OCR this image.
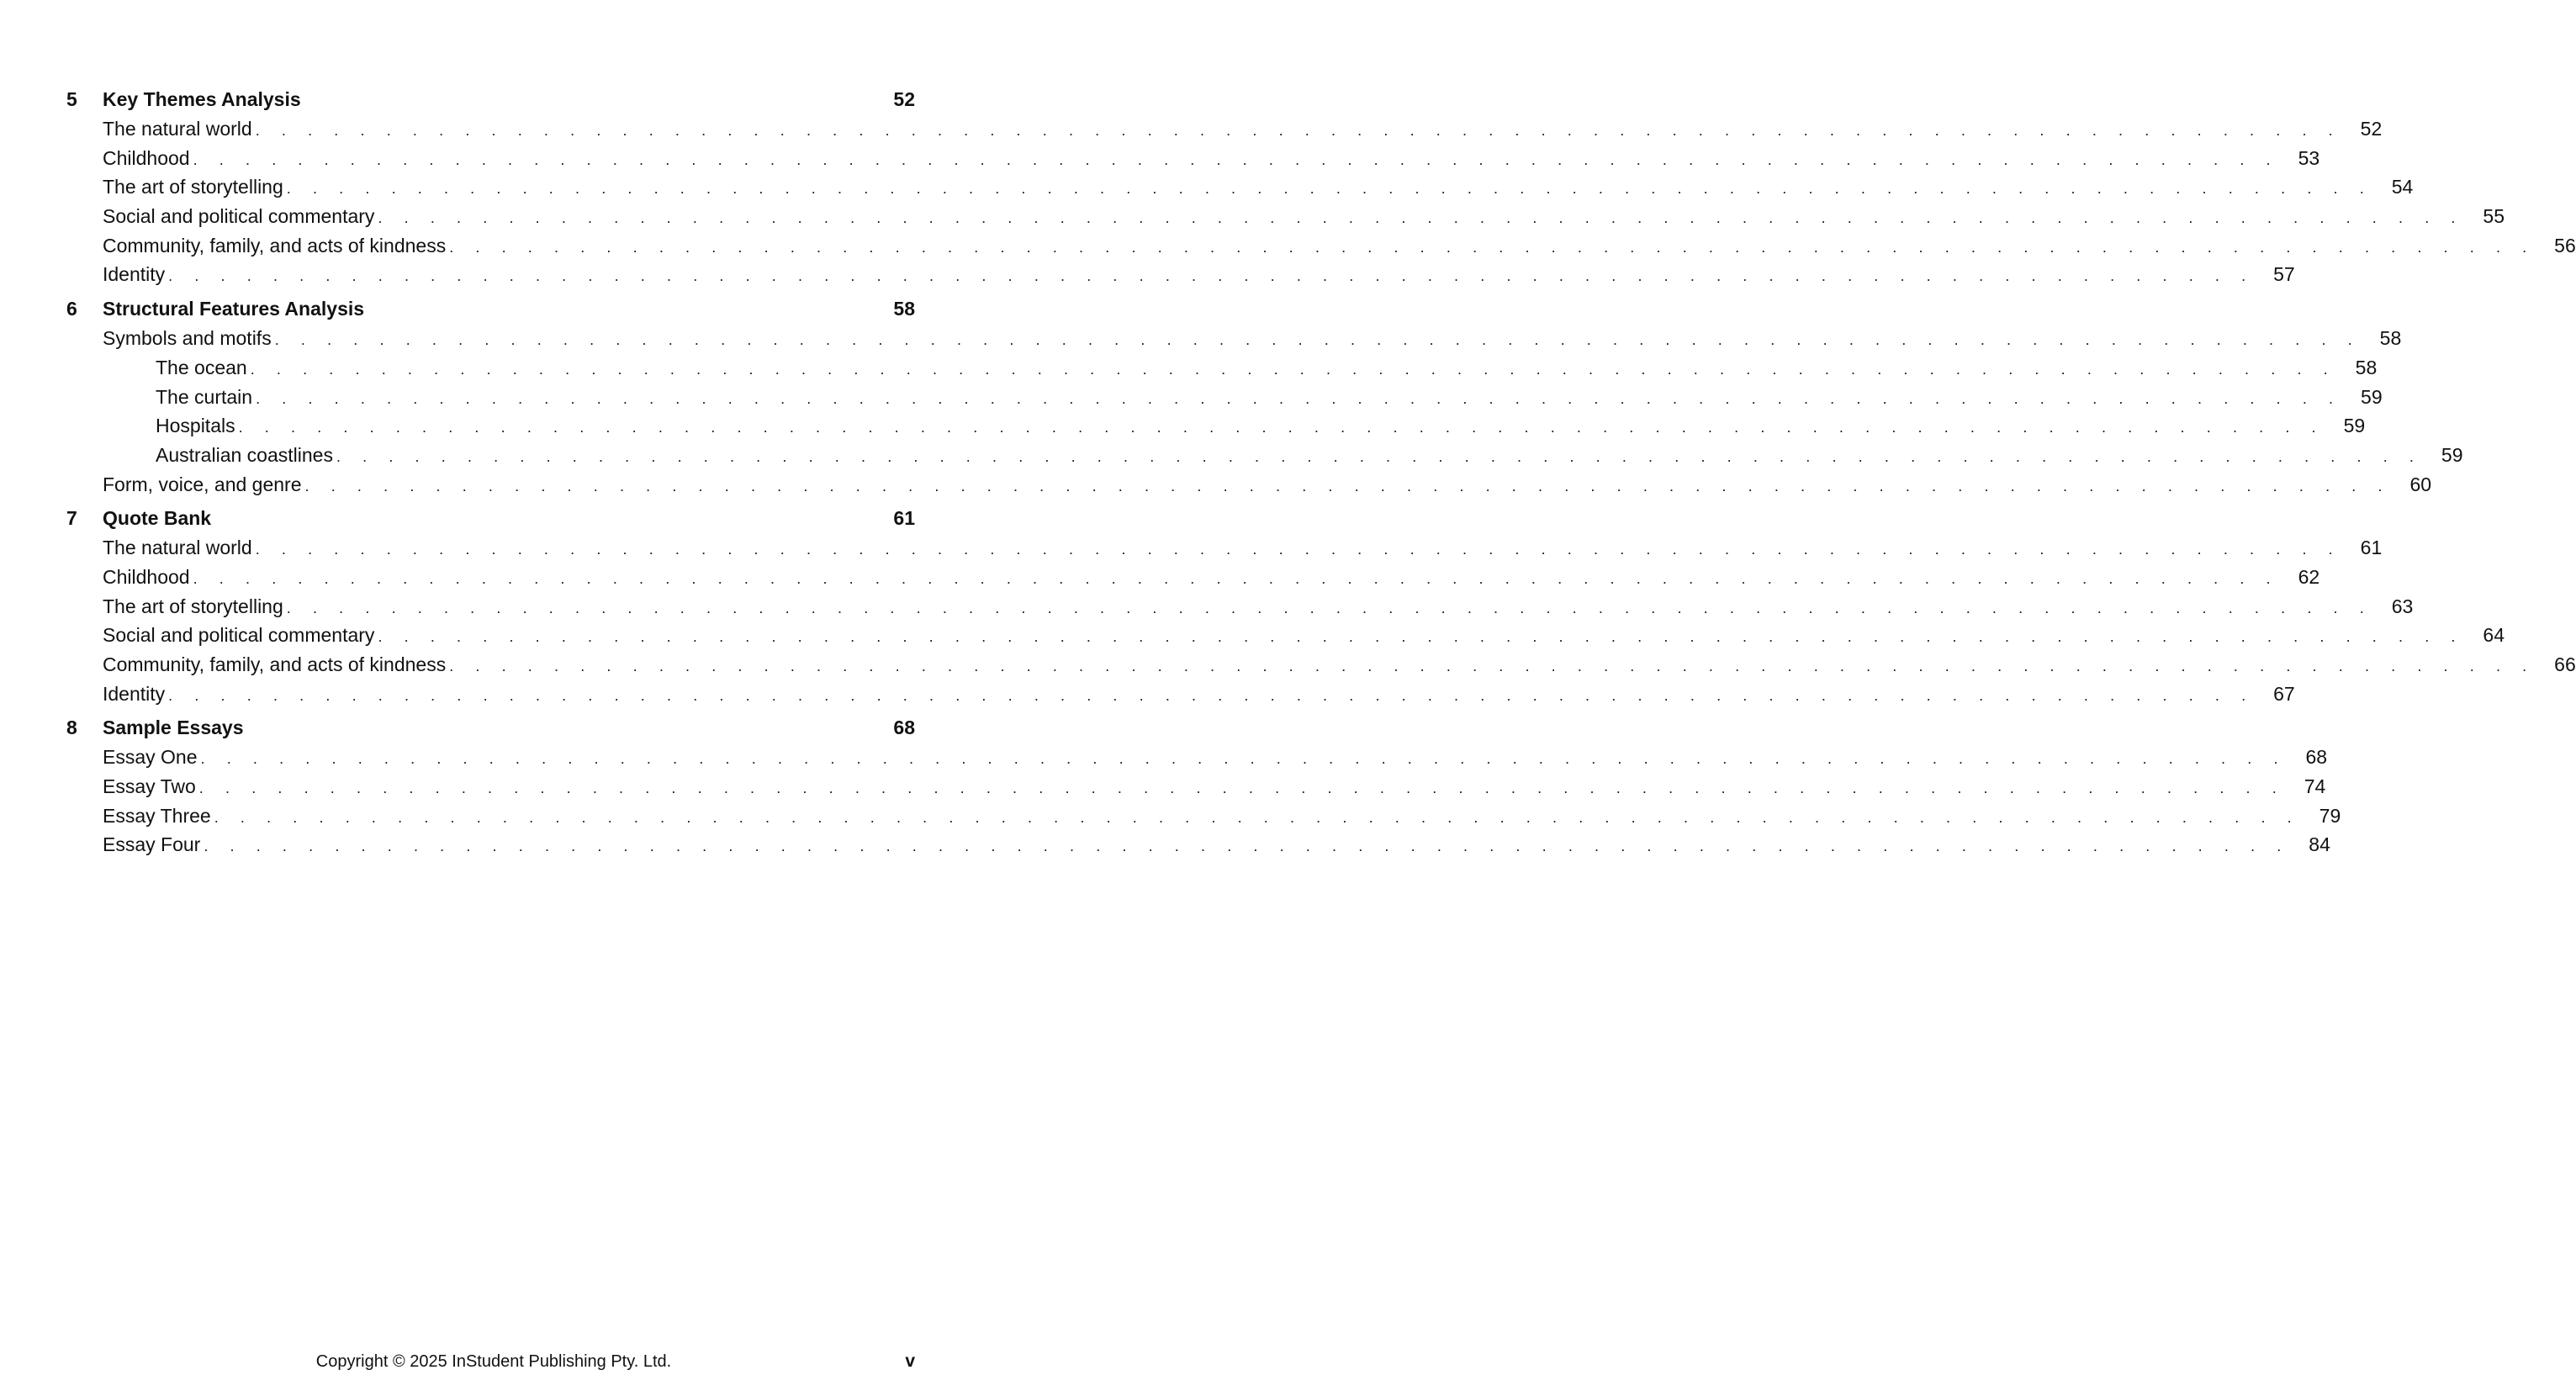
5 Key Themes Analysis	52
The natural world . . . . . . . . . . . . . . . . . . . . . . . . . . . . . . . . . . . . . . . . . . . . . . . . . . . . . . . . . . . . . . . . . . . . . . . . . . . . . . . . 52
Childhood . . . . . . . . . . . . . . . . . . . . . . . . . . . . . . . . . . . . . . . . . . . . . . . . . . . . . . . . . . . . . . . . . . . . . . . . . . . . . . . . 53
The art of storytelling . . . . . . . . . . . . . . . . . . . . . . . . . . . . . . . . . . . . . . . . . . . . . . . . . . . . . . . . . . . . . . . . . . . . . . . . . . . . . . . . 54
Social and political commentary . . . . . . . . . . . . . . . . . . . . . . . . . . . . . . . . . . . . . . . . . . . . . . . . . . . . . . . . . . . . . . . . . . . . . . . . . . . . . . . . 55
Community, family, and acts of kindness . . . . . . . . . . . . . . . . . . . . . . . . . . . . . . . . . . . . . . . . . . . . . . . . . . . . . . . . . . . . . . . . . . . . . . . . . . . . . . . . 56
Identity . . . . . . . . . . . . . . . . . . . . . . . . . . . . . . . . . . . . . . . . . . . . . . . . . . . . . . . . . . . . . . . . . . . . . . . . . . . . . . . . 57
6 Structural Features Analysis	58
Symbols and motifs . . . . . . . . . . . . . . . . . . . . . . . . . . . . . . . . . . . . . . . . . . . . . . . . . . . . . . . . . . . . . . . . . . . . . . . . . . . . . . . . 58
The ocean . . . . . . . . . . . . . . . . . . . . . . . . . . . . . . . . . . . . . . . . . . . . . . . . . . . . . . . . . . . . . . . . . . . . . . . . . . . . . . . . 58
The curtain . . . . . . . . . . . . . . . . . . . . . . . . . . . . . . . . . . . . . . . . . . . . . . . . . . . . . . . . . . . . . . . . . . . . . . . . . . . . . . . . 59
Hospitals . . . . . . . . . . . . . . . . . . . . . . . . . . . . . . . . . . . . . . . . . . . . . . . . . . . . . . . . . . . . . . . . . . . . . . . . . . . . . . . . 59
Australian coastlines . . . . . . . . . . . . . . . . . . . . . . . . . . . . . . . . . . . . . . . . . . . . . . . . . . . . . . . . . . . . . . . . . . . . . . . . . . . . . . . . 59
Form, voice, and genre . . . . . . . . . . . . . . . . . . . . . . . . . . . . . . . . . . . . . . . . . . . . . . . . . . . . . . . . . . . . . . . . . . . . . . . . . . . . . . . . 60
7 Quote Bank	61
The natural world . . . . . . . . . . . . . . . . . . . . . . . . . . . . . . . . . . . . . . . . . . . . . . . . . . . . . . . . . . . . . . . . . . . . . . . . . . . . . . . . 61
Childhood . . . . . . . . . . . . . . . . . . . . . . . . . . . . . . . . . . . . . . . . . . . . . . . . . . . . . . . . . . . . . . . . . . . . . . . . . . . . . . . . 62
The art of storytelling . . . . . . . . . . . . . . . . . . . . . . . . . . . . . . . . . . . . . . . . . . . . . . . . . . . . . . . . . . . . . . . . . . . . . . . . . . . . . . . . 63
Social and political commentary . . . . . . . . . . . . . . . . . . . . . . . . . . . . . . . . . . . . . . . . . . . . . . . . . . . . . . . . . . . . . . . . . . . . . . . . . . . . . . . . 64
Community, family, and acts of kindness . . . . . . . . . . . . . . . . . . . . . . . . . . . . . . . . . . . . . . . . . . . . . . . . . . . . . . . . . . . . . . . . . . . . . . . . . . . . . . . . 66
Identity . . . . . . . . . . . . . . . . . . . . . . . . . . . . . . . . . . . . . . . . . . . . . . . . . . . . . . . . . . . . . . . . . . . . . . . . . . . . . . . . 67
8 Sample Essays	68
Essay One . . . . . . . . . . . . . . . . . . . . . . . . . . . . . . . . . . . . . . . . . . . . . . . . . . . . . . . . . . . . . . . . . . . . . . . . . . . . . . . . 68
Essay Two . . . . . . . . . . . . . . . . . . . . . . . . . . . . . . . . . . . . . . . . . . . . . . . . . . . . . . . . . . . . . . . . . . . . . . . . . . . . . . . . 74
Essay Three . . . . . . . . . . . . . . . . . . . . . . . . . . . . . . . . . . . . . . . . . . . . . . . . . . . . . . . . . . . . . . . . . . . . . . . . . . . . . . . . 79
Essay Four . . . . . . . . . . . . . . . . . . . . . . . . . . . . . . . . . . . . . . . . . . . . . . . . . . . . . . . . . . . . . . . . . . . . . . . . . . . . . . . . 84
Copyright © 2025 InStudent Publishing Pty. Ltd.	v
